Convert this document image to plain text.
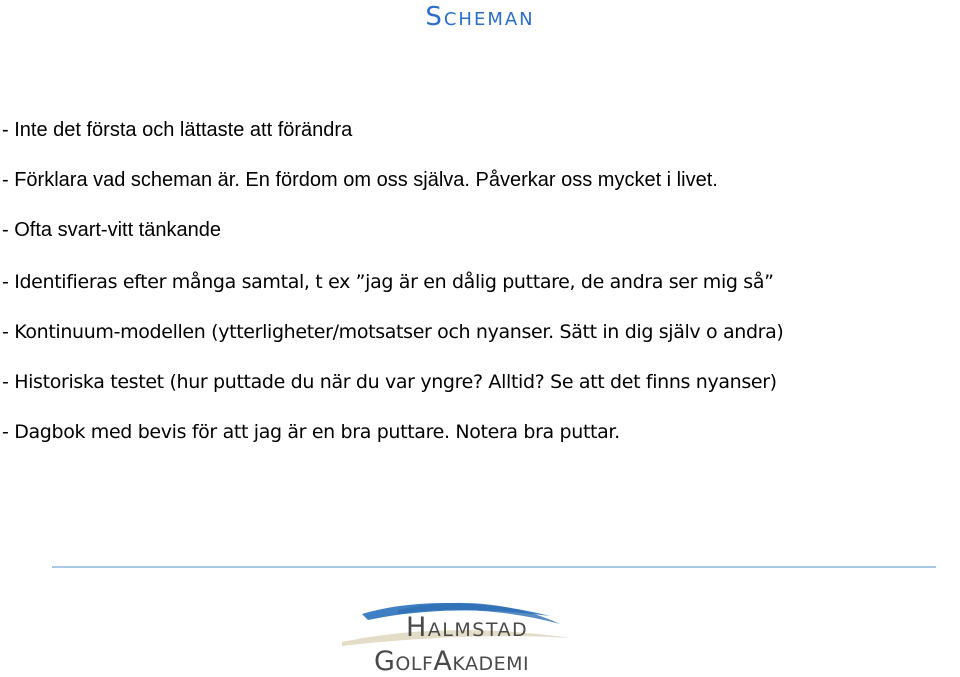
Scheman
- Inte det första och lättaste att förändra
- Förklara vad scheman är. En fördom om oss själva. Påverkar oss mycket i livet.
- Ofta svart-vitt tänkande
- Identifieras efter många samtal, t ex ”jag är en dålig puttare, de andra ser mig så”
- Kontinuum-modellen (ytterligheter/motsatser och nyanser. Sätt in dig själv o andra)
- Historiska testet (hur puttade du när du var yngre? Alltid? Se att det finns nyanser)
- Dagbok med bevis för att jag är en bra puttare. Notera bra puttar.
Halmstad
GolfAkademi
